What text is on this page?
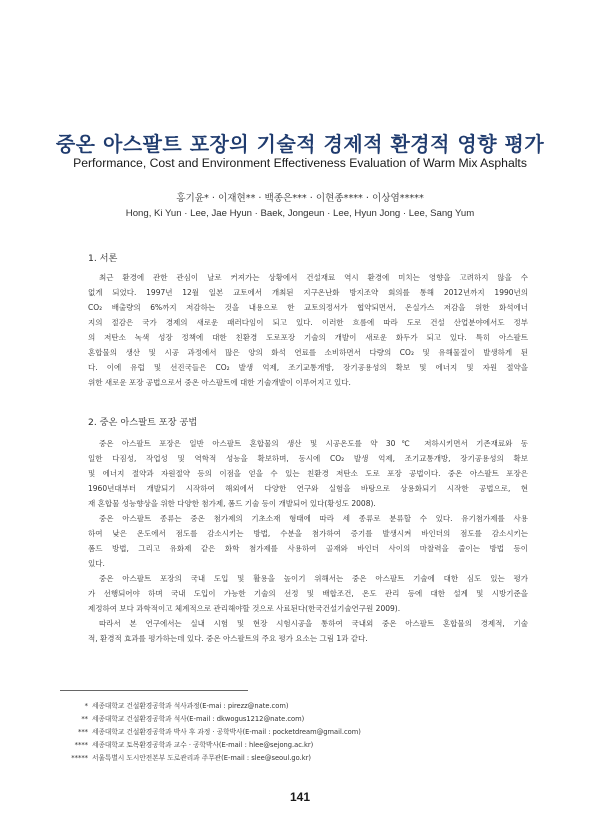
중온 아스팔트 포장의 기술적 경제적 환경적 영향 평가
Performance, Cost and Environment Effectiveness Evaluation of Warm Mix Asphalts
홍기윤* · 이재현** · 백종은*** · 이현종**** · 이상염*****
Hong, Ki Yun · Lee, Jae Hyun · Baek, Jongeun · Lee, Hyun Jong · Lee, Sang Yum
1. 서론
최근 환경에 관한 관심이 날로 커져가는 상황에서 건설재료 역시 환경에 미치는 영향을 고려하지 않을 수
없게 되었다. 1997년 12월 일본 교토에서 개최된 지구온난화 방지조약 회의를 통해 2012년까지 1990년의
CO₂ 배출량의 6%까지 저감하는 것을 내용으로 한 교토의정서가 협약되면서, 온실가스 저감을 위한 화석에너
지의 절감은 국가 경제의 새로운 패러다임이 되고 있다. 이러한 흐름에 따라 도로 건설 산업분야에서도 정부
의 저탄소 녹색 성장 정책에 대한 친환경 도로포장 기술의 개발이 새로운 화두가 되고 있다. 특히 아스팔트
혼합물의 생산 및 시공 과정에서 많은 양의 화석 연료를 소비하면서 다량의 CO₂ 및 유해물질이 발생하게 된
다. 이에 유럽 및 선진국들은 CO₂ 발생 억제, 조기교통개방, 장기공용성의 확보 및 에너지 및 자원 절약을
위한 새로운 포장 공법으로서 중온 아스팔트에 대한 기술개발이 이루어지고 있다.
2. 중온 아스팔트 포장 공법
중온 아스팔트 포장은 일반 아스팔트 혼합물의 생산 및 시공온도를 약 30℃ 저하시키면서 기존재료와 동
일한 다짐성, 작업성 및 역학적 성능을 확보하며, 동시에 CO₂ 발생 억제, 조기교통개방, 장기공용성의 확보
및 에너지 절약과 자원절약 등의 이점을 얻을 수 있는 친환경 저탄소 도로 포장 공법이다. 중온 아스팔트 포장은
1960년대부터 개발되기 시작하여 해외에서 다양한 연구와 실험을 바탕으로 상용화되기 시작한 공법으로, 현
재 혼합물 성능향상을 위한 다양한 첨가제, 폼드 기술 등이 개발되어 있다(황성도 2008).
중온 아스팔트 종류는 중온 첨가제의 기초소재 형태에 따라 세 종류로 분류할 수 있다. 유기첨가제를 사용
하여 낮은 온도에서 점도를 감소시키는 방법, 수분을 첨가하여 증기를 발생시켜 바인더의 점도를 감소시키는
폼드 방법, 그리고 유화제 같은 화학 첨가제를 사용하여 골재와 바인더 사이의 마찰력을 줄이는 방법 등이
있다.
중온 아스팔트 포장의 국내 도입 및 활용을 높이기 위해서는 중온 아스팔트 기술에 대한 심도 있는 평가
가 선행되어야 하며 국내 도입이 가능한 기술의 선정 및 배합조건, 온도 관리 등에 대한 설계 및 시방기준을
제정하여 보다 과학적이고 체계적으로 관리해야할 것으로 사료된다(한국건설기술연구원 2009).
따라서 본 연구에서는 실내 시험 및 현장 시험시공을 통하여 국내외 중온 아스팔트 혼합물의 경제적, 기술
적, 환경적 효과를 평가하는데 있다. 중온 아스팔트의 주요 평가 요소는 그림 1과 같다.
* 세종대학교 건설환경공학과 석사과정(E-mai : pirezz@nate.com)
** 세종대학교 건설환경공학과 석사(E-mail : dkwogus1212@nate.com)
*** 세종대학교 건설환경공학과 박사 후 과정 · 공학박사(E-mail : pocketdream@gmail.com)
**** 세종대학교 토목환경공학과 교수 · 공학박사(E-mail : hlee@sejong.ac.kr)
***** 서울특별시 도시안전본부 도로관리과 주무관(E-mail : slee@seoul.go.kr)
141
